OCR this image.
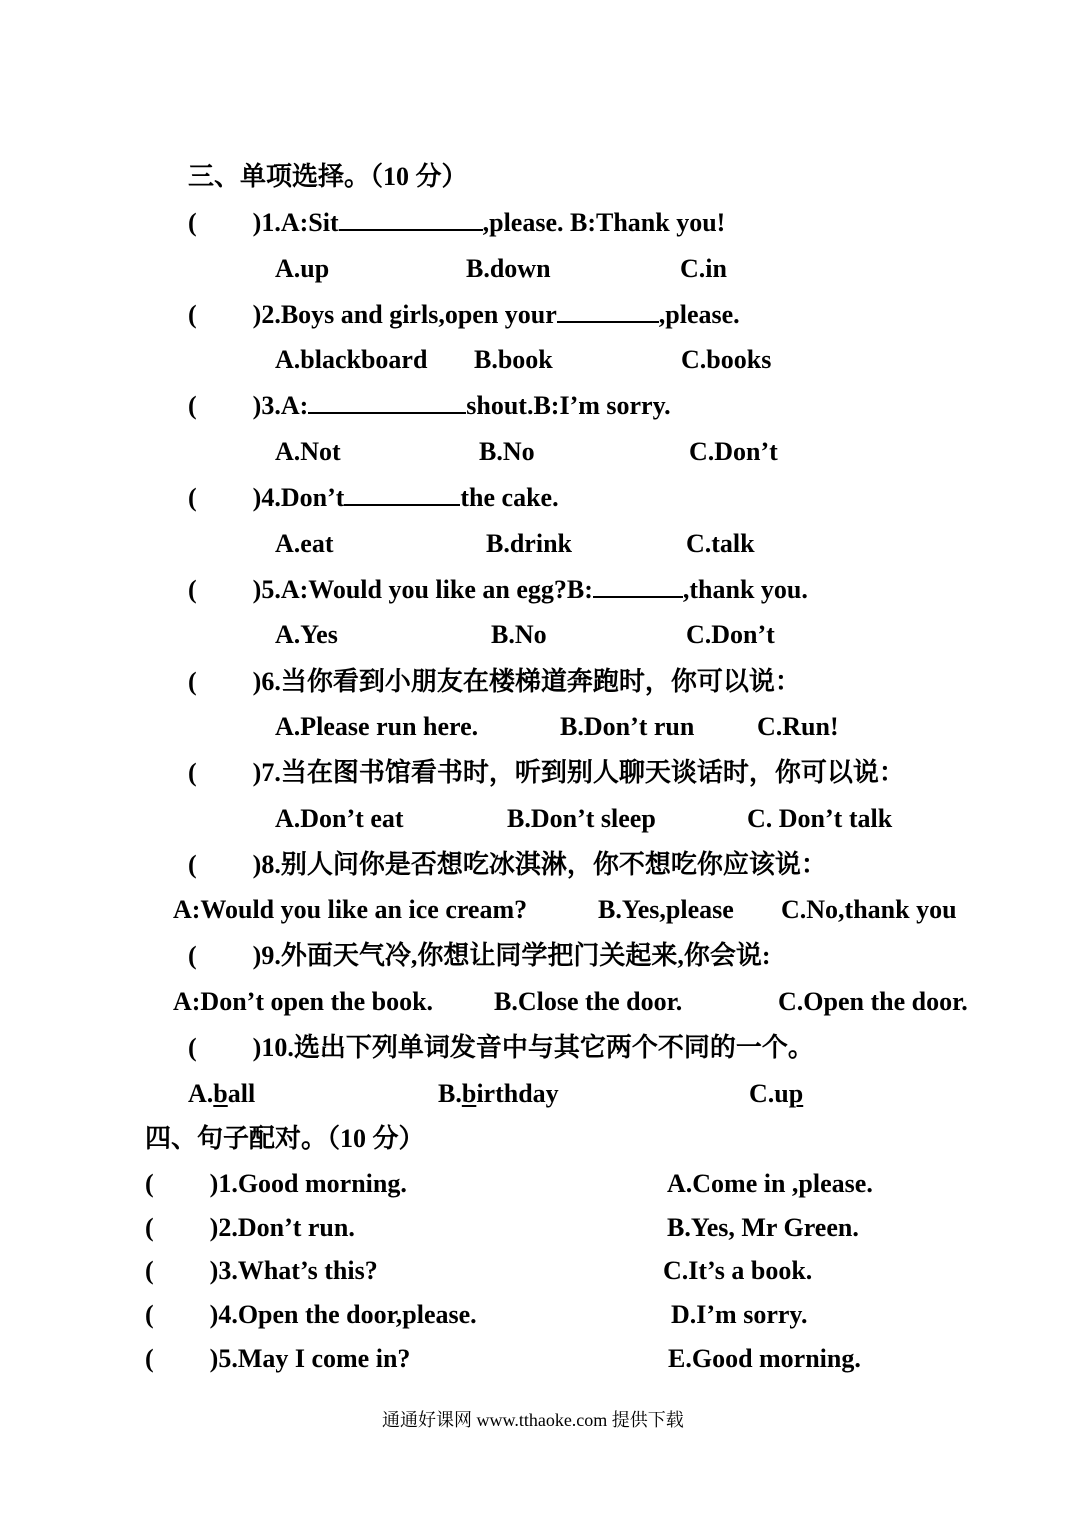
三、单项选择。（10 分）
( )1.A:Sit	,please. B:Thank you!
A.up	B.down	C.in
( )2.Boys and girls,open your	,please.
A.blackboard B.book	C.books
( )3.A:	shout.B:I’m sorry.
A.Not	B.No	C.Don’t
( )4.Don’t	the cake.
A.eat	B.drink	C.talk
( )5.A:Would you like an egg?B:	,thank you.
A.Yes	B.No	C.Don’t
( )6.当你看到小朋友在楼梯道奔跑时，你可以说：
A.Please run here.	B.Don’t run C.Run!
( )7.当在图书馆看书时，听到别人聊天谈话时，你可以说：
A.Don’t eat	B.Don’t sleep	C. Don’t talk
( )8.别人问你是否想吃冰淇淋，你不想吃你应该说：
A:Would you like an ice cream?	B.Yes,please C.No,thank you
( )9.外面天气冷,你想让同学把门关起来,你会说:
A:Don’t open the book. B.Close the door.	C.Open the door.
( )10.选出下列单词发音中与其它两个不同的一个。
A.ball	B.birthday	C.up
四、句子配对。（10 分）
( )1.Good morning.	A.Come in ,please.
( )2.Don’t run.	B.Yes, Mr Green.
( )3.What’s this?	C.It’s a book.
( )4.Open the door,please.	D.I’m sorry.
( )5.May I come in?	E.Good morning.
通通好课网 www.tthaoke.com 提供下载
